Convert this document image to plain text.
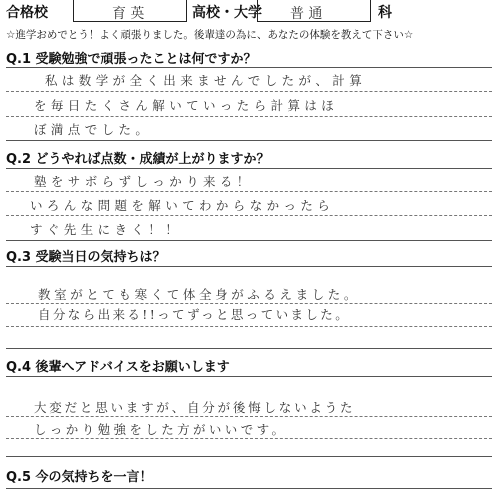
合格校	育英	高校・大学 普通	科
☆進学おめでとう！よく頑張りました。後輩達の為に、あなたの体験を教えて下さい☆
Q.1 受験勉強で頑張ったことは何ですか？
私は数学が全く出来ませんでしたが、計算
を毎日たくさん解いていったら計算はほ
ぼ満点でした。
Q.2 どうやれば点数・成績が上がりますか？
塾をサボらずしっかり来る！
いろんな問題を解いてわからなかったら
すぐ先生にきく！！
Q.3 受験当日の気持ちは？
教室がとても寒くて体全身がふるえました。
自分なら出来る!!ってずっと思っていました。
Q.4 後輩へアドバイスをお願いします
大変だと思いますが、自分が後悔しないようた
しっかり勉強をした方がいいです。
Q.5 今の気持ちを一言！
